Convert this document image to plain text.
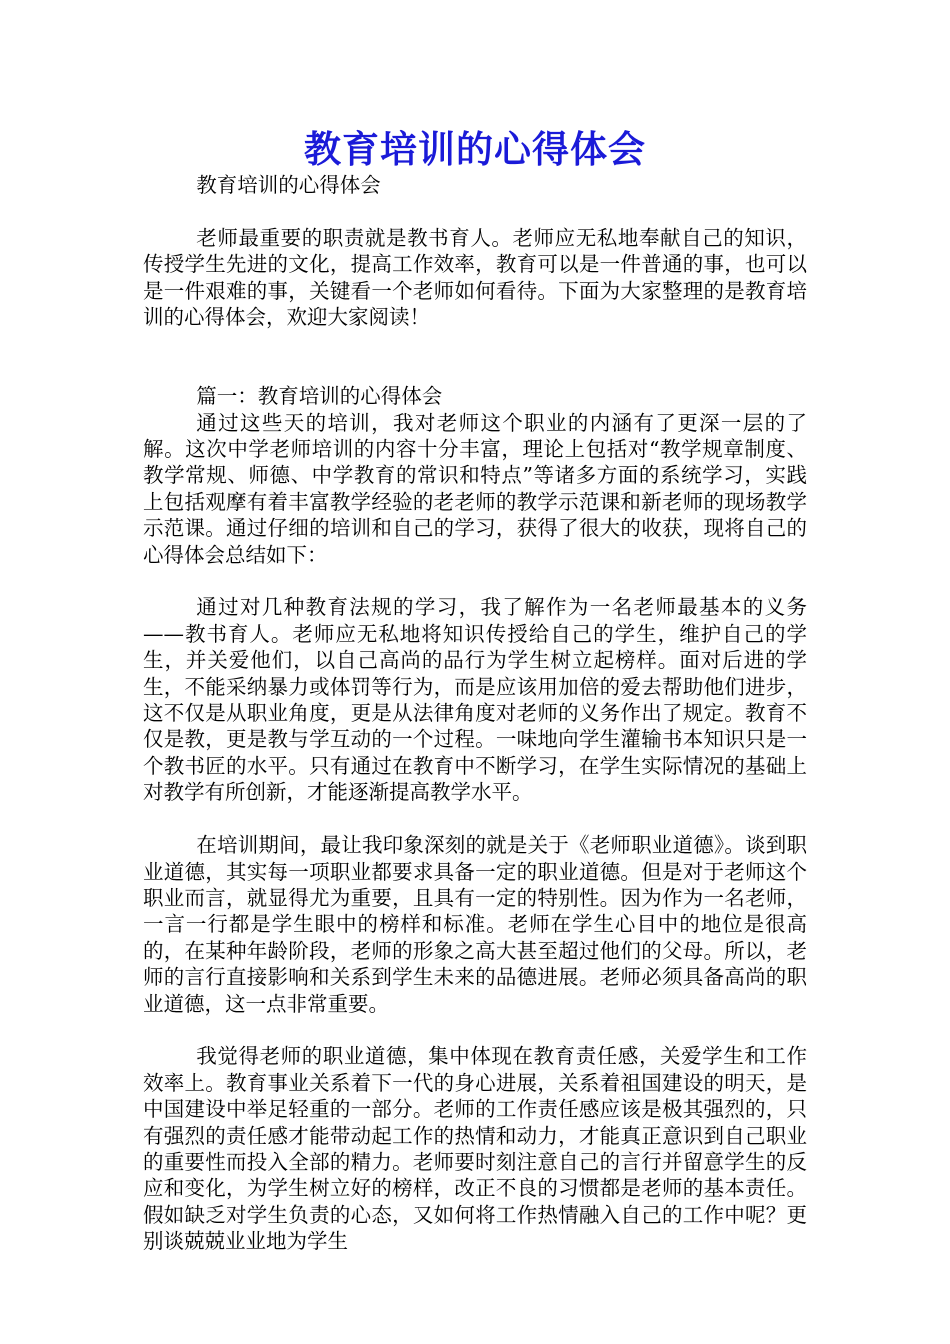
教育培训的心得体会

教育培训的心得体会

老师最重要的职责就是教书育人。老师应无私地奉献自己的知识，传授学生先进的文化，提高工作效率，教育可以是一件普通的事，也可以是一件艰难的事，关键看一个老师如何看待。下面为大家整理的是教育培训的心得体会，欢迎大家阅读！

篇一：教育培训的心得体会

通过这些天的培训，我对老师这个职业的内涵有了更深一层的了解。这次中学老师培训的内容十分丰富，理论上包括对“教学规章制度、教学常规、师德、中学教育的常识和特点”等诸多方面的系统学习，实践上包括观摩有着丰富教学经验的老老师的教学示范课和新老师的现场教学示范课。通过仔细的培训和自己的学习，获得了很大的收获，现将自己的心得体会总结如下：

通过对几种教育法规的学习，我了解作为一名老师最基本的义务——教书育人。老师应无私地将知识传授给自己的学生，维护自己的学生，并关爱他们，以自己高尚的品行为学生树立起榜样。面对后进的学生，不能采纳暴力或体罚等行为，而是应该用加倍的爱去帮助他们进步，这不仅是从职业角度，更是从法律角度对老师的义务作出了规定。教育不仅是教，更是教与学互动的一个过程。一味地向学生灌输书本知识只是一个教书匠的水平。只有通过在教育中不断学习，在学生实际情况的基础上对教学有所创新，才能逐渐提高教学水平。

在培训期间，最让我印象深刻的就是关于《老师职业道德》。谈到职业道德，其实每一项职业都要求具备一定的职业道德。但是对于老师这个职业而言，就显得尤为重要，且具有一定的特别性。因为作为一名老师，一言一行都是学生眼中的榜样和标准。老师在学生心目中的地位是很高的，在某种年龄阶段，老师的形象之高大甚至超过他们的父母。所以，老师的言行直接影响和关系到学生未来的品德进展。老师必须具备高尚的职业道德，这一点非常重要。

我觉得老师的职业道德，集中体现在教育责任感，关爱学生和工作效率上。教育事业关系着下一代的身心进展，关系着祖国建设的明天，是中国建设中举足轻重的一部分。老师的工作责任感应该是极其强烈的，只有强烈的责任感才能带动起工作的热情和动力，才能真正意识到自己职业的重要性而投入全部的精力。老师要时刻注意自己的言行并留意学生的反应和变化，为学生树立好的榜样，改正不良的习惯都是老师的基本责任。假如缺乏对学生负责的心态，又如何将工作热情融入自己的工作中呢？更别谈兢兢业业地为学生
